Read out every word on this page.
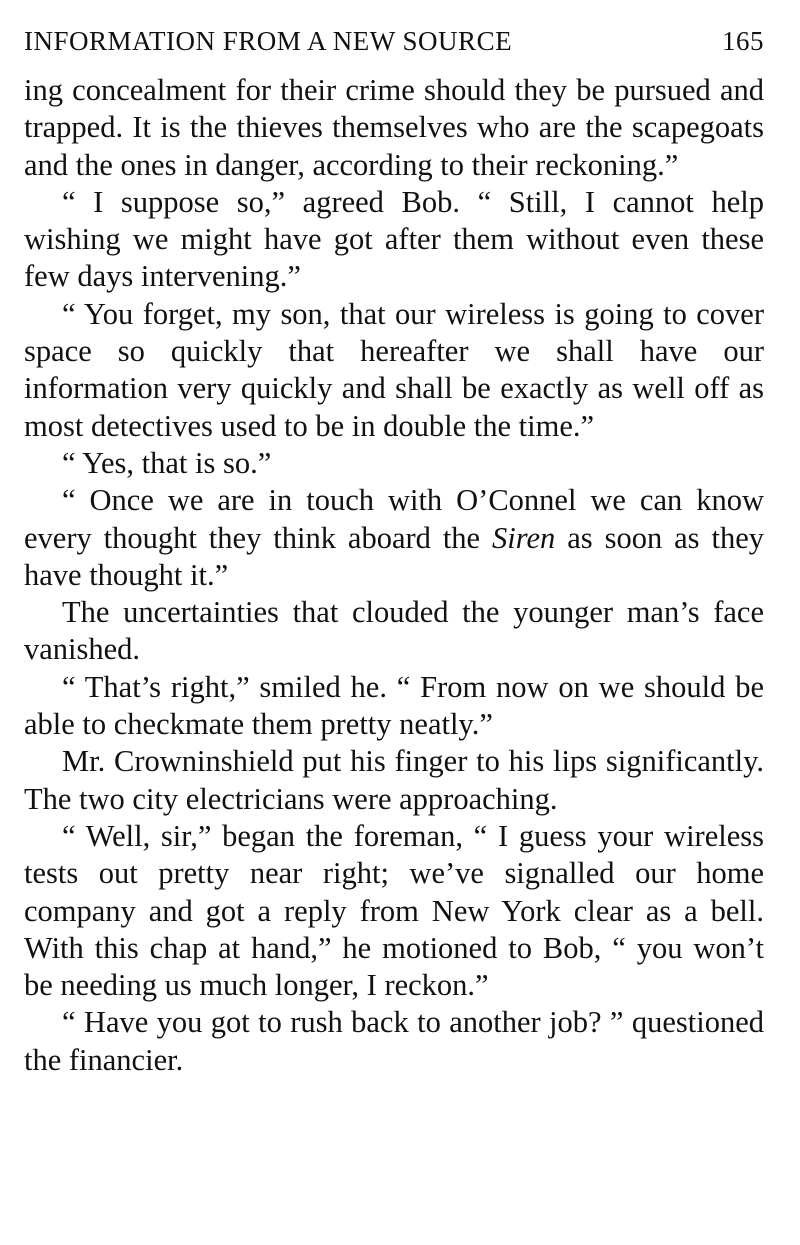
INFORMATION FROM A NEW SOURCE	165

ing concealment for their crime should they be pursued and trapped. It is the thieves themselves who are the scapegoats and the ones in danger, according to their reckoning.”

“ I suppose so,” agreed Bob. “ Still, I cannot help wishing we might have got after them without even these few days intervening.”

“ You forget, my son, that our wireless is going to cover space so quickly that hereafter we shall have our information very quickly and shall be exactly as well off as most detectives used to be in double the time.”

“ Yes, that is so.”

“ Once we are in touch with O’Connel we can know every thought they think aboard the Siren as soon as they have thought it.”

The uncertainties that clouded the younger man’s face vanished.

“ That’s right,” smiled he. “ From now on we should be able to checkmate them pretty neatly.”

Mr. Crowninshield put his finger to his lips significantly. The two city electricians were approaching.

“ Well, sir,” began the foreman, “ I guess your wireless tests out pretty near right; we’ve signalled our home company and got a reply from New York clear as a bell. With this chap at hand,” he motioned to Bob, “ you won’t be needing us much longer, I reckon.”

“ Have you got to rush back to another job? ” questioned the financier.
